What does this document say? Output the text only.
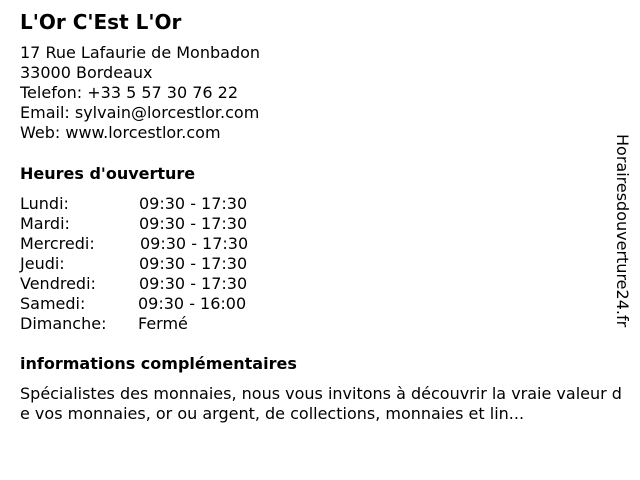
L'Or C'Est L'Or
17 Rue Lafaurie de Monbadon
33000 Bordeaux
Telefon: +33 5 57 30 76 22
Email: sylvain@lorcestlor.com
Web: www.lorcestlor.com
Heures d'ouverture
Lundi:	09:30 - 17:30
Mardi:	09:30 - 17:30
Mercredi:	09:30 - 17:30
Jeudi:	09:30 - 17:30
Vendredi:	09:30 - 17:30
Samedi:	09:30 - 16:00
Dimanche: Fermé
informations complémentaires
Spécialistes des monnaies, nous vous invitons à découvrir la vraie valeur de vos monnaies, or ou argent, de collections, monnaies et lin...
Horairesdouverture24.fr
